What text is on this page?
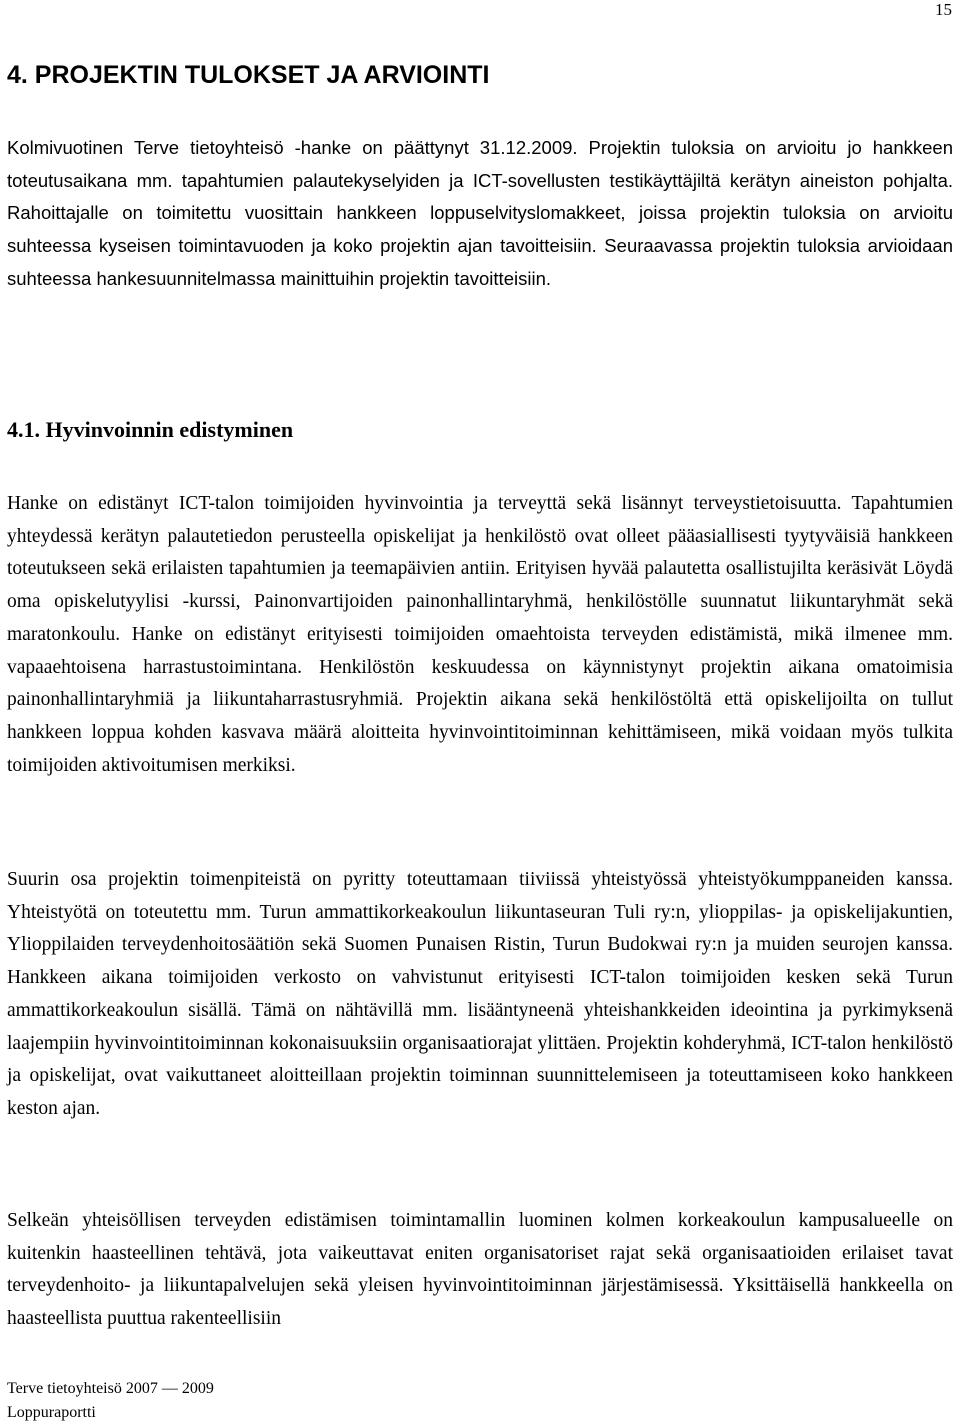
15
4. PROJEKTIN TULOKSET JA ARVIOINTI

Kolmivuotinen Terve tietoyhteisö -hanke on päättynyt 31.12.2009. Projektin tuloksia on arvioitu jo hankkeen toteutusaikana mm. tapahtumien palautekyselyiden ja ICT-sovellusten testikäyttäjiltä kerätyn aineiston pohjalta. Rahoittajalle on toimitettu vuosittain hankkeen loppuselvityslomakkeet, joissa projektin tuloksia on arvioitu suhteessa kyseisen toimintavuoden ja koko projektin ajan tavoitteisiin. Seuraavassa projektin tuloksia arvioidaan suhteessa hankesuunnitelmassa mainittuihin projektin tavoitteisiin.

4.1. Hyvinvoinnin edistyminen

Hanke on edistänyt ICT-talon toimijoiden hyvinvointia ja terveyttä sekä lisännyt terveystietoisuutta. Tapahtumien yhteydessä kerätyn palautetiedon perusteella opiskelijat ja henkilöstö ovat olleet pääasiallisesti tyytyväisiä hankkeen toteutukseen sekä erilaisten tapahtumien ja teemapäivien antiin. Erityisen hyvää palautetta osallistujilta keräsivät Löydä oma opiskelutyylisi -kurssi, Painonvartijoiden painonhallintaryhmä, henkilöstölle suunnatut liikuntaryhmät sekä maratonkoulu. Hanke on edistänyt erityisesti toimijoiden omaehtoista terveyden edistämistä, mikä ilmenee mm. vapaaehtoisena harrastustoimintana. Henkilöstön keskuudessa on käynnistynyt projektin aikana omatoimisia painonhallintaryhmiä ja liikuntaharrastusryhmiä. Projektin aikana sekä henkilöstöltä että opiskelijoilta on tullut hankkeen loppua kohden kasvava määrä aloitteita hyvinvointitoiminnan kehittämiseen, mikä voidaan myös tulkita toimijoiden aktivoitumisen merkiksi.

Suurin osa projektin toimenpiteistä on pyritty toteuttamaan tiiviissä yhteistyössä yhteistyökumppaneiden kanssa. Yhteistyötä on toteutettu mm. Turun ammattikorkeakoulun liikuntaseuran Tuli ry:n, ylioppilas- ja opiskelijakuntien, Ylioppilaiden terveydenhoitosäätiön sekä Suomen Punaisen Ristin, Turun Budokwai ry:n ja muiden seurojen kanssa. Hankkeen aikana toimijoiden verkosto on vahvistunut erityisesti ICT-talon toimijoiden kesken sekä Turun ammattikorkeakoulun sisällä. Tämä on nähtävillä mm. lisääntyneenä yhteishankkeiden ideointina ja pyrkimyksenä laajempiin hyvinvointitoiminnan kokonaisuuksiin organisaatiorajat ylittäen. Projektin kohderyhmä, ICT-talon henkilöstö ja opiskelijat, ovat vaikuttaneet aloitteillaan projektin toiminnan suunnittelemiseen ja toteuttamiseen koko hankkeen keston ajan.

Selkeän yhteisöllisen terveyden edistämisen toimintamallin luominen kolmen korkeakoulun kampusalueelle on kuitenkin haasteellinen tehtävä, jota vaikeuttavat eniten organisatoriset rajat sekä organisaatioiden erilaiset tavat terveydenhoito- ja liikuntapalvelujen sekä yleisen hyvinvointitoiminnan järjestämisessä. Yksittäisellä hankkeella on haasteellista puuttua rakenteellisiin

Terve tietoyhteisö 2007 — 2009
Loppuraportti
